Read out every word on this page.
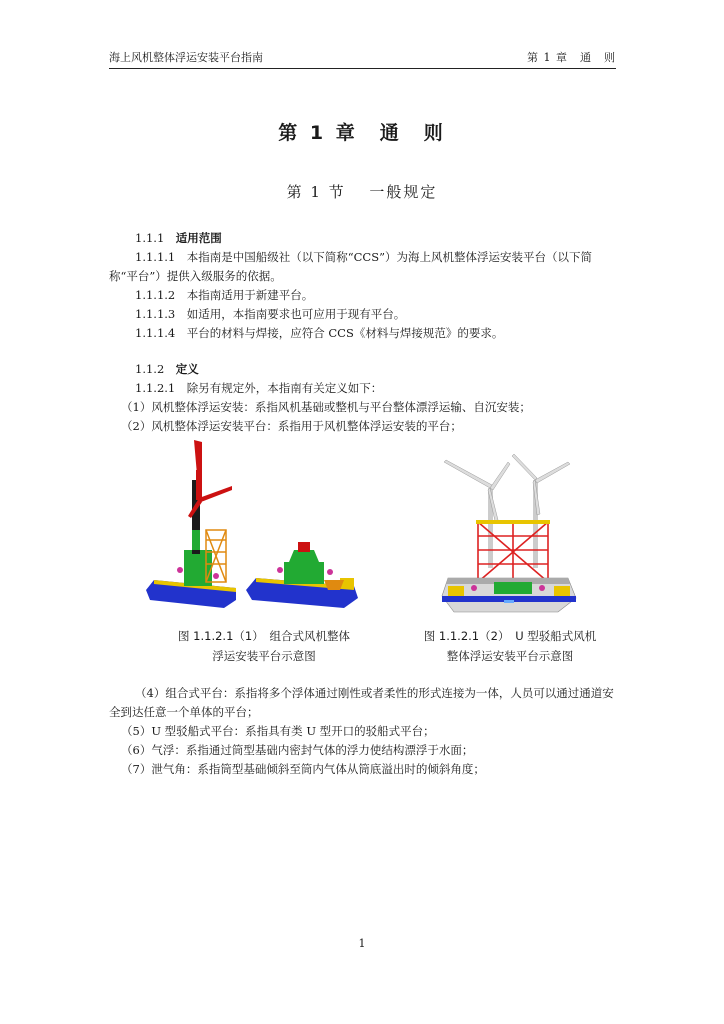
海上风机整体浮运安装平台指南	第 1 章　通　则
第 1 章　通　则
第 1 节　 一般规定

1.1.1　 适用范围

1.1.1.1　本指南是中国船级社（以下简称“CCS”）为海上风机整体浮运安装平台（以下简称“平台”）提供入级服务的依据。

1.1.1.2　本指南适用于新建平台。

1.1.1.3　如适用，本指南要求也可应用于现有平台。

1.1.1.4　平台的材料与焊接，应符合 CCS《材料与焊接规范》的要求。

1.1.2　 定义

1.1.2.1　除另有规定外，本指南有关定义如下：

（1）风机整体浮运安装：系指风机基础或整机与平台整体漂浮运输、自沉安装；

（2）风机整体浮运安装平台：系指用于风机整体浮运安装的平台；

图 1.1.2.1（1）　组合式风机整体
浮运安装平台示意图
图 1.1.2.1（2）　U 型驳船式风机
整体浮运安装平台示意图

（4）组合式平台：系指将多个浮体通过刚性或者柔性的形式连接为一体，人员可以通过通道安全到达任意一个单体的平台；

（5）U 型驳船式平台：系指具有类 U 型开口的驳船式平台；

（6）气浮：系指通过筒型基础内密封气体的浮力使结构漂浮于水面；

（7）泄气角：系指筒型基础倾斜至筒内气体从筒底溢出时的倾斜角度；

1
